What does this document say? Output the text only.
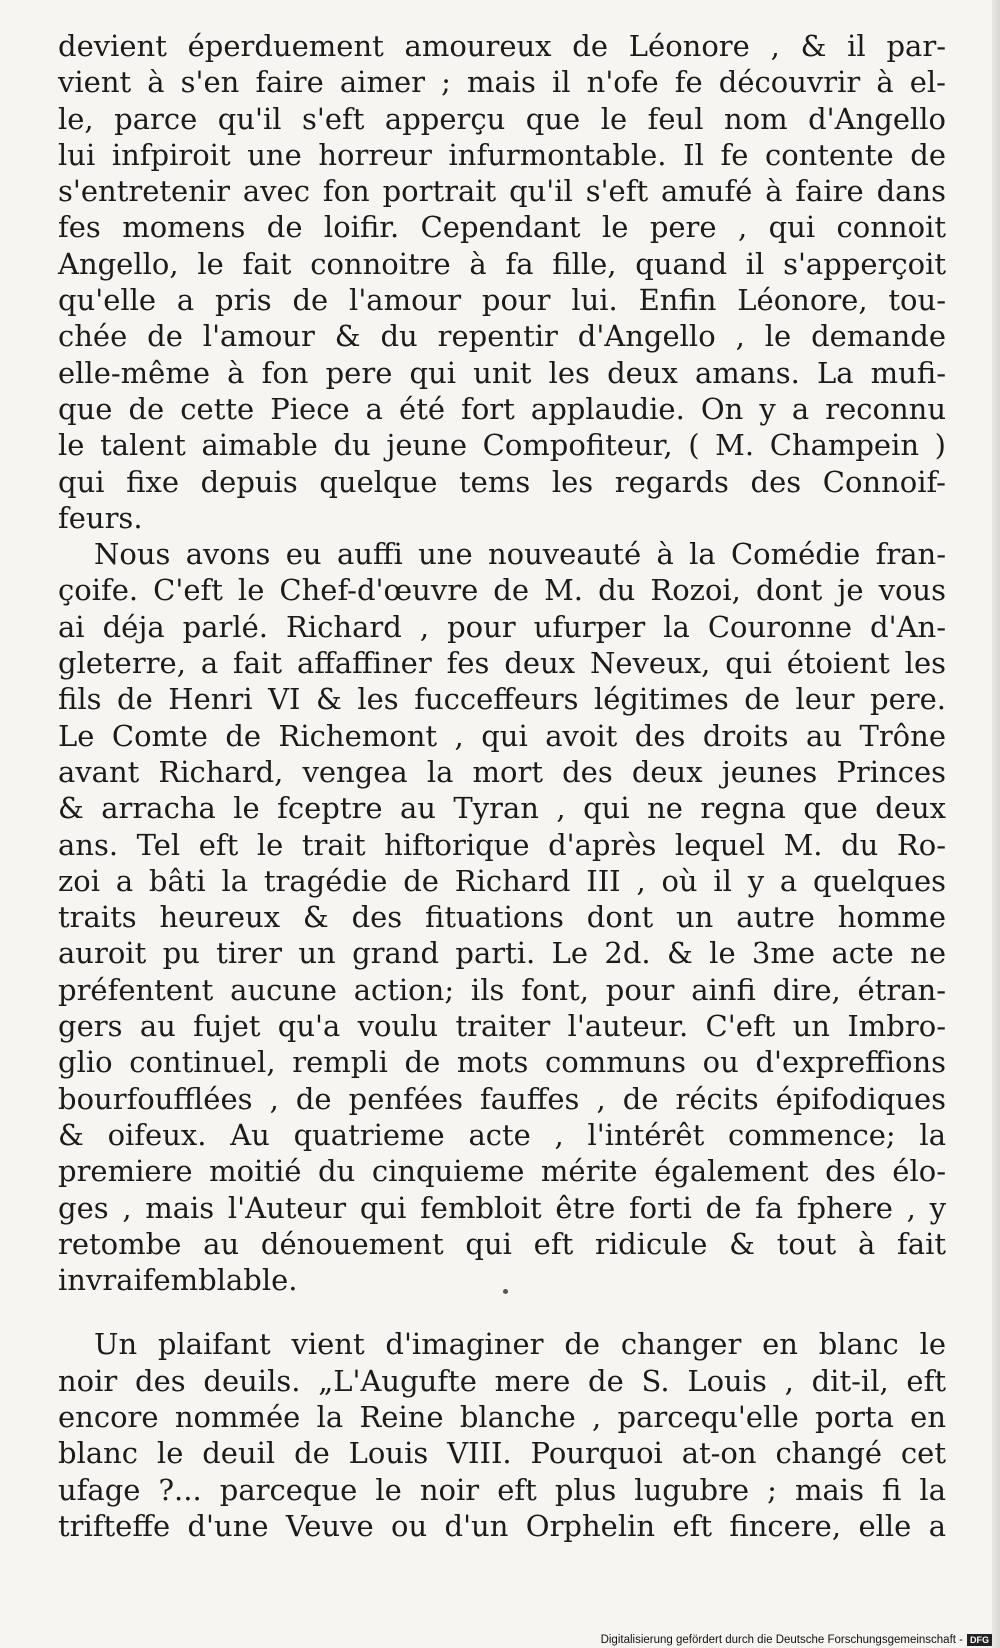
devient éperduement amoureux de Léonore , & il par-
vient à s'en faire aimer ; mais il n'ofe fe découvrir à el-
le, parce qu'il s'eft apperçu que le feul nom d'Angello
lui infpiroit une horreur infurmontable. Il fe contente de
s'entretenir avec fon portrait qu'il s'eft amufé à faire dans
fes momens de loifir. Cependant le pere , qui connoit
Angello, le fait connoitre à fa fille, quand il s'apperçoit
qu'elle a pris de l'amour pour lui. Enfin Léonore, tou-
chée de l'amour & du repentir d'Angello , le demande
elle-même à fon pere qui unit les deux amans. La mufi-
que de cette Piece a été fort applaudie. On y a reconnu
le talent aimable du jeune Compofiteur, ( M. Champein )
qui fixe depuis quelque tems les regards des Connoif-
feurs.
Nous avons eu auffi une nouveauté à la Comédie fran-
çoife. C'eft le Chef-d'œuvre de M. du Rozoi, dont je vous
ai déja parlé. Richard , pour ufurper la Couronne d'An-
gleterre, a fait affaffiner fes deux Neveux, qui étoient les
fils de Henri VI & les fucceffeurs légitimes de leur pere.
Le Comte de Richemont , qui avoit des droits au Trône
avant Richard, vengea la mort des deux jeunes Princes
& arracha le fceptre au Tyran , qui ne regna que deux
ans. Tel eft le trait hiftorique d'après lequel M. du Ro-
zoi a bâti la tragédie de Richard III , où il y a quelques
traits heureux & des fituations dont un autre homme
auroit pu tirer un grand parti. Le 2d. & le 3me acte ne
préfentent aucune action; ils font, pour ainfi dire, étran-
gers au fujet qu'a voulu traiter l'auteur. C'eft un Imbro-
glio continuel, rempli de mots communs ou d'expreffions
bourfoufflées , de penfées fauffes , de récits épifodiques
& oifeux. Au quatrieme acte , l'intérêt commence; la
premiere moitié du cinquieme mérite également des élo-
ges , mais l'Auteur qui fembloit être forti de fa fphere , y
retombe au dénouement qui eft ridicule & tout à fait
invraifemblable.
Un plaifant vient d'imaginer de changer en blanc le
noir des deuils. „L'Augufte mere de S. Louis , dit-il, eft
encore nommée la Reine blanche , parcequ'elle porta en
blanc le deuil de Louis VIII. Pourquoi at-on changé cet
ufage ?... parceque le noir eft plus lugubre ; mais fi la
trifteffe d'une Veuve ou d'un Orphelin eft fincere, elle a
Digitalisierung gefördert durch die Deutsche Forschungsgemeinschaft - DFG
